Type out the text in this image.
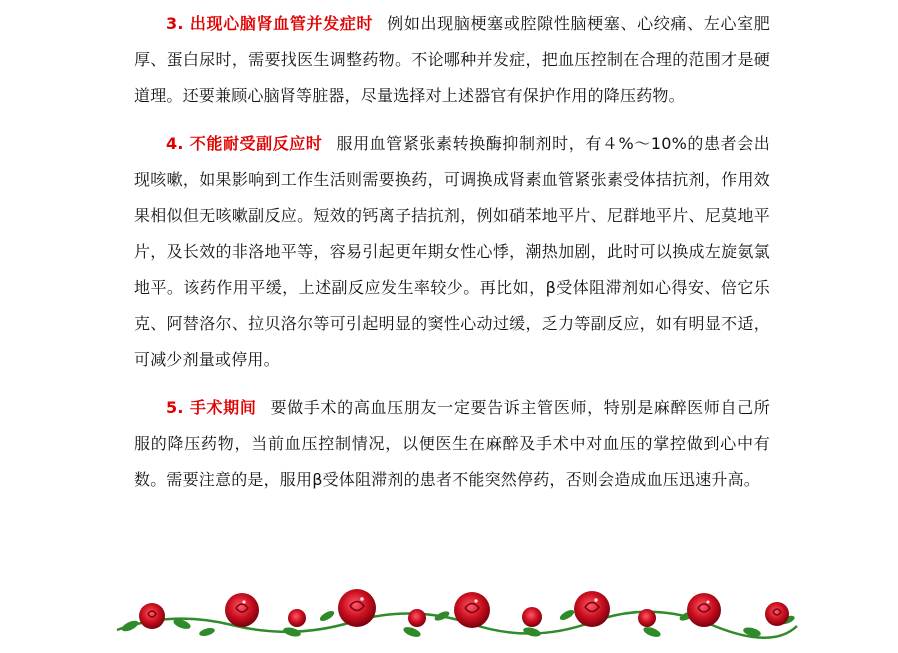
3. 出现心脑肾血管并发症时 例如出现脑梗塞或腔隙性脑梗塞、心绞痛、左心室肥厚、蛋白尿时，需要找医生调整药物。不论哪种并发症，把血压控制在合理的范围才是硬道理。还要兼顾心脑肾等脏器，尽量选择对上述器官有保护作用的降压药物。

4. 不能耐受副反应时 服用血管紧张素转换酶抑制剂时，有４%～10%的患者会出现咳嗽，如果影响到工作生活则需要换药，可调换成肾素血管紧张素受体拮抗剂，作用效果相似但无咳嗽副反应。短效的钙离子拮抗剂，例如硝苯地平片、尼群地平片、尼莫地平片，及长效的非洛地平等，容易引起更年期女性心悸，潮热加剧，此时可以换成左旋氨氯地平。该药作用平缓，上述副反应发生率较少。再比如，β受体阻滞剂如心得安、倍它乐克、阿替洛尔、拉贝洛尔等可引起明显的窦性心动过缓，乏力等副反应，如有明显不适，可减少剂量或停用。

5. 手术期间 要做手术的高血压朋友一定要告诉主管医师，特别是麻醉医师自己所服的降压药物，当前血压控制情况，以便医生在麻醉及手术中对血压的掌控做到心中有数。需要注意的是，服用β受体阻滞剂的患者不能突然停药，否则会造成血压迅速升高。
